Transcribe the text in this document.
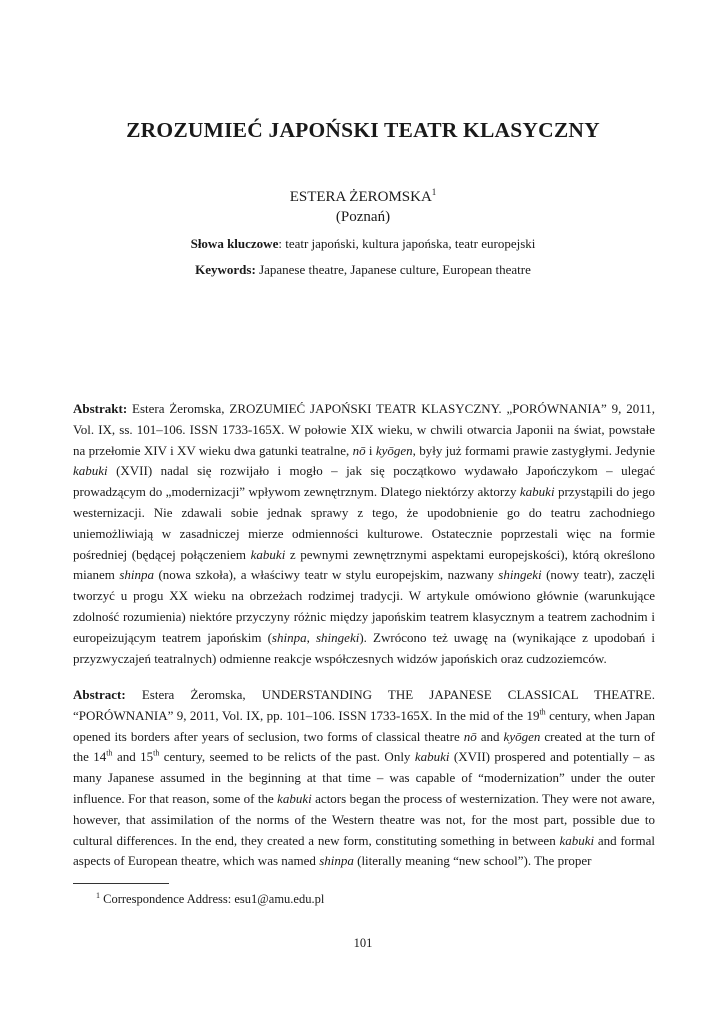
ZROZUMIEĆ JAPOŃSKI TEATR KLASYCZNY
ESTERA ŻEROMSKA$^1$
(Poznań)
Słowa kluczowe: teatr japoński, kultura japońska, teatr europejski
Keywords: Japanese theatre, Japanese culture, European theatre

Abstrakt: Estera Żeromska, ZROZUMIEĆ JAPOŃSKI TEATR KLASYCZNY. „PORÓWNANIA” 9, 2011, Vol. IX, ss. 101–106. ISSN 1733-165X. W połowie XIX wieku, w chwili otwarcia Japonii na świat, powstałe na przełomie XIV i XV wieku dwa gatunki teatralne, nō i kyōgen, były już formami prawie zastygłymi. Jedynie kabuki (XVII) nadal się rozwijało i mogło – jak się początkowo wydawało Japończykom – ulegać prowadzącym do „modernizacji” wpływom zewnętrznym. Dlatego niektórzy aktorzy kabuki przystąpili do jego westernizacji. Nie zdawali sobie jednak sprawy z tego, że upodobnienie go do teatru zachodniego uniemożliwiają w zasadniczej mierze odmienności kulturowe. Ostatecznie poprzestali więc na formie pośredniej (będącej połączeniem kabuki z pewnymi zewnętrznymi aspektami europejskości), którą określono mianem shinpa (nowa szkoła), a właściwy teatr w stylu europejskim, nazwany shingeki (nowy teatr), zaczęli tworzyć u progu XX wieku na obrzeżach rodzimej tradycji. W artykule omówiono głównie (warunkujące zdolność rozumienia) niektóre przyczyny różnic między japońskim teatrem klasycznym a teatrem zachodnim i europeizującym teatrem japońskim (shinpa, shingeki). Zwrócono też uwagę na (wynikające z upodobań i przyzwyczajeń teatralnych) odmienne reakcje współczesnych widzów japońskich oraz cudzoziemców.

Abstract: Estera Żeromska, UNDERSTANDING THE JAPANESE CLASSICAL THEATRE. “PORÓWNANIA” 9, 2011, Vol. IX, pp. 101–106. ISSN 1733-165X. In the mid of the 19th century, when Japan opened its borders after years of seclusion, two forms of classical theatre nō and kyōgen created at the turn of the 14th and 15th century, seemed to be relicts of the past. Only kabuki (XVII) prospered and potentially – as many Japanese assumed in the beginning at that time – was capable of “modernization” under the outer influence. For that reason, some of the kabuki actors began the process of westernization. They were not aware, however, that assimilation of the norms of the Western theatre was not, for the most part, possible due to cultural differences. In the end, they created a new form, constituting something in between kabuki and formal aspects of European theatre, which was named shinpa (literally meaning “new school”). The proper

$^1$ Correspondence Address: esu1@amu.edu.pl
101
